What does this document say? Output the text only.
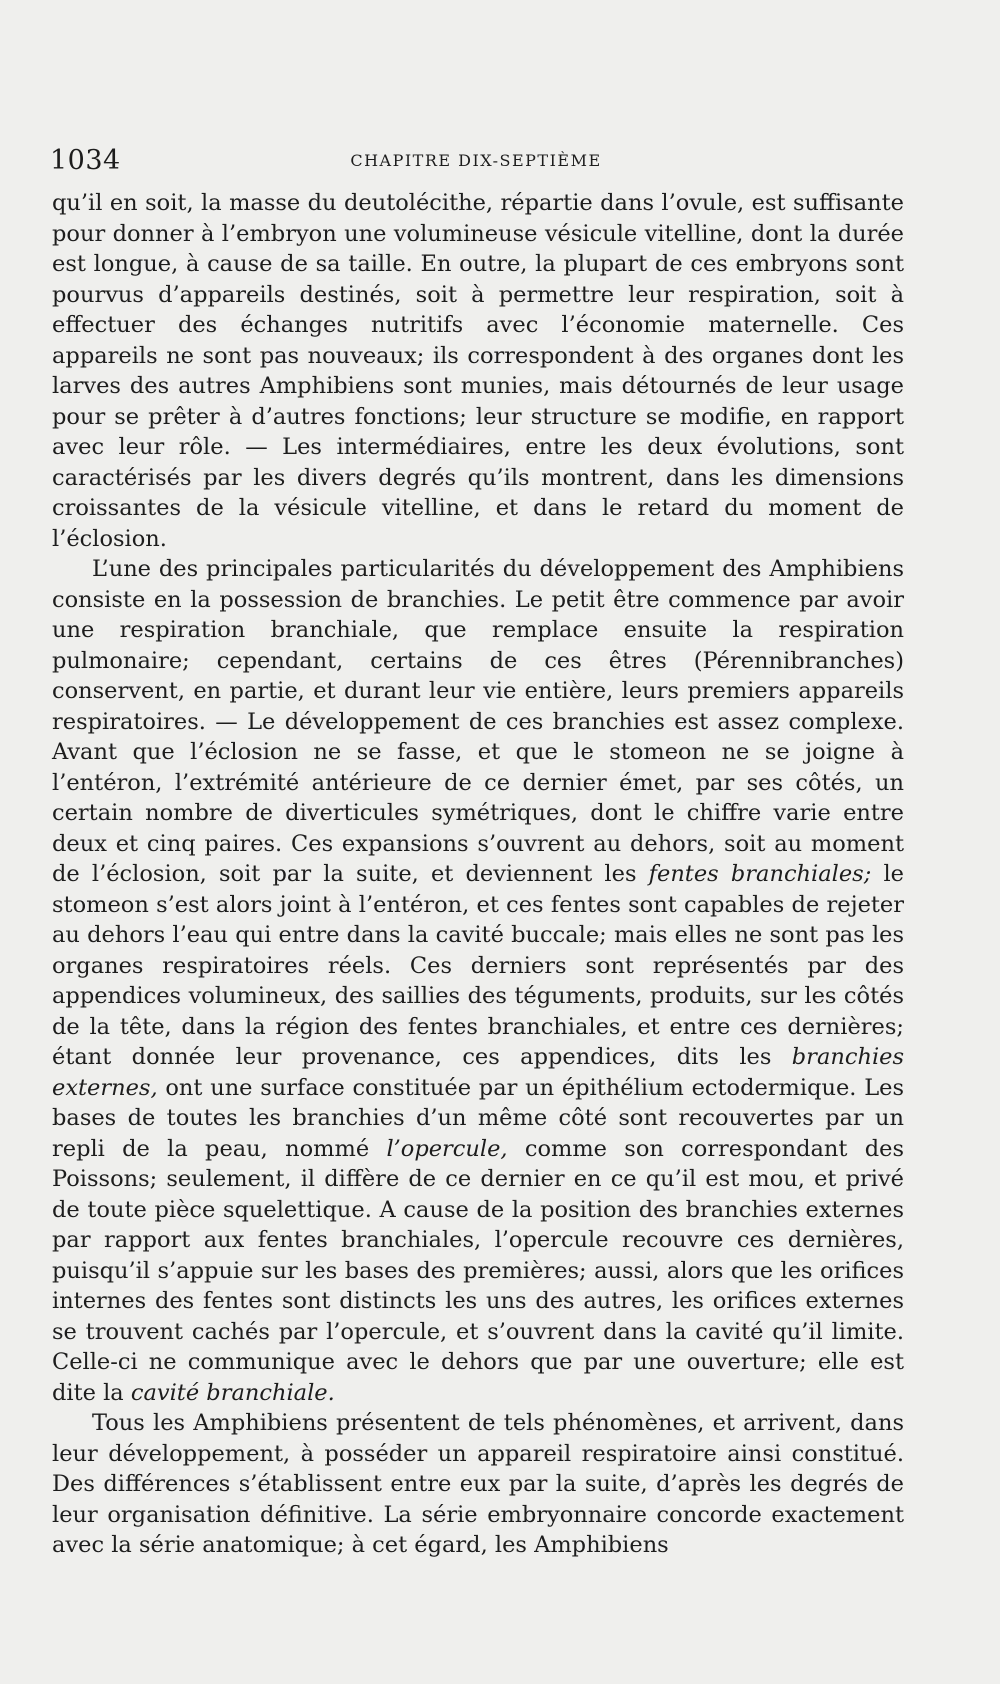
1034	CHAPITRE DIX-SEPTIÈME

qu’il en soit, la masse du deutolécithe, répartie dans l’ovule, est suffisante pour donner à l’embryon une volumineuse vésicule vitelline, dont la durée est longue, à cause de sa taille. En outre, la plupart de ces embryons sont pourvus d’appareils destinés, soit à permettre leur respiration, soit à effectuer des échanges nutritifs avec l’économie maternelle. Ces appareils ne sont pas nouveaux; ils correspondent à des organes dont les larves des autres Amphibiens sont munies, mais détournés de leur usage pour se prêter à d’autres fonctions; leur structure se modifie, en rapport avec leur rôle. — Les intermédiaires, entre les deux évolutions, sont caractérisés par les divers degrés qu’ils montrent, dans les dimensions croissantes de la vésicule vitelline, et dans le retard du moment de l’éclosion.

L’une des principales particularités du développement des Amphibiens consiste en la possession de branchies. Le petit être commence par avoir une respiration branchiale, que remplace ensuite la respiration pulmonaire; cependant, certains de ces êtres (Pérennibranches) conservent, en partie, et durant leur vie entière, leurs premiers appareils respiratoires. — Le développement de ces branchies est assez complexe. Avant que l’éclosion ne se fasse, et que le stomeon ne se joigne à l’entéron, l’extrémité antérieure de ce dernier émet, par ses côtés, un certain nombre de diverticules symétriques, dont le chiffre varie entre deux et cinq paires. Ces expansions s’ouvrent au dehors, soit au moment de l’éclosion, soit par la suite, et deviennent les fentes branchiales; le stomeon s’est alors joint à l’entéron, et ces fentes sont capables de rejeter au dehors l’eau qui entre dans la cavité buccale; mais elles ne sont pas les organes respiratoires réels. Ces derniers sont représentés par des appendices volumineux, des saillies des téguments, produits, sur les côtés de la tête, dans la région des fentes branchiales, et entre ces dernières; étant donnée leur provenance, ces appendices, dits les branchies externes, ont une surface constituée par un épithélium ectodermique. Les bases de toutes les branchies d’un même côté sont recouvertes par un repli de la peau, nommé l’opercule, comme son correspondant des Poissons; seulement, il diffère de ce dernier en ce qu’il est mou, et privé de toute pièce squelettique. A cause de la position des branchies externes par rapport aux fentes branchiales, l’opercule recouvre ces dernières, puisqu’il s’appuie sur les bases des premières; aussi, alors que les orifices internes des fentes sont distincts les uns des autres, les orifices externes se trouvent cachés par l’opercule, et s’ouvrent dans la cavité qu’il limite. Celle-ci ne communique avec le dehors que par une ouverture; elle est dite la cavité branchiale.

Tous les Amphibiens présentent de tels phénomènes, et arrivent, dans leur développement, à posséder un appareil respiratoire ainsi constitué. Des différences s’établissent entre eux par la suite, d’après les degrés de leur organisation définitive. La série embryonnaire concorde exactement avec la série anatomique; à cet égard, les Amphibiens
